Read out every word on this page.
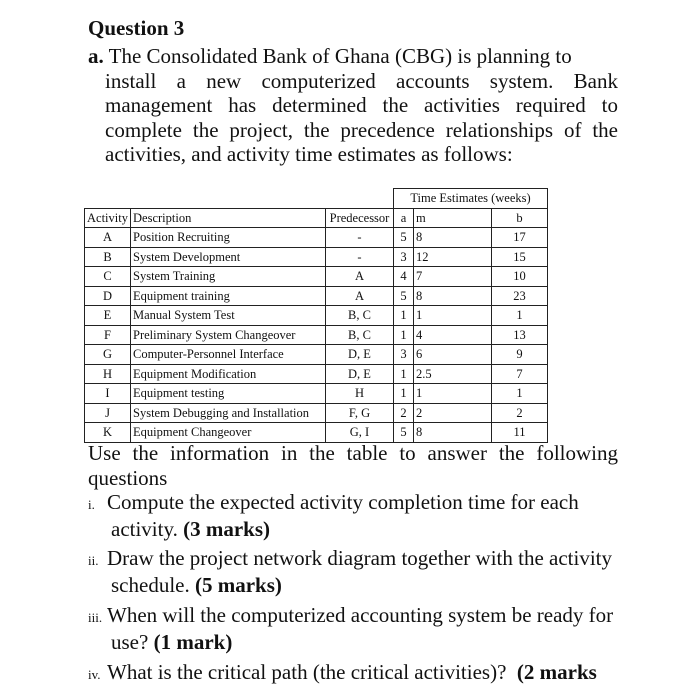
Question 3
a. The Consolidated Bank of Ghana (CBG) is planning to
install a new computerized accounts system. Bank management has determined the activities required to complete the project, the precedence relationships of the activities, and activity time estimates as follows:
			Time Estimates (weeks)		
Activity	Description	Predecessor	a	m	b
A	Position Recruiting	-	5	8	17
B	System Development	-	3	12	15
C	System Training	A	4	7	10
D	Equipment training	A	5	8	23
E	Manual System Test	B, C	1	1	1
F	Preliminary System Changeover	B, C	1	4	13
G	Computer-Personnel Interface	D, E	3	6	9
H	Equipment Modification	D, E	1	2.5	7
I	Equipment testing	H	1	1	1
J	System Debugging and Installation	F, G	2	2	2
K	Equipment Changeover	G, I	5	8	11
Use the information in the table to answer the following questions
i. Compute the expected activity completion time for each
activity. (3 marks)
ii. Draw the project network diagram together with the activity
schedule. (5 marks)
iii. When will the computerized accounting system be ready for
use? (1 mark)
iv. What is the critical path (the critical activities)? (2 marks
